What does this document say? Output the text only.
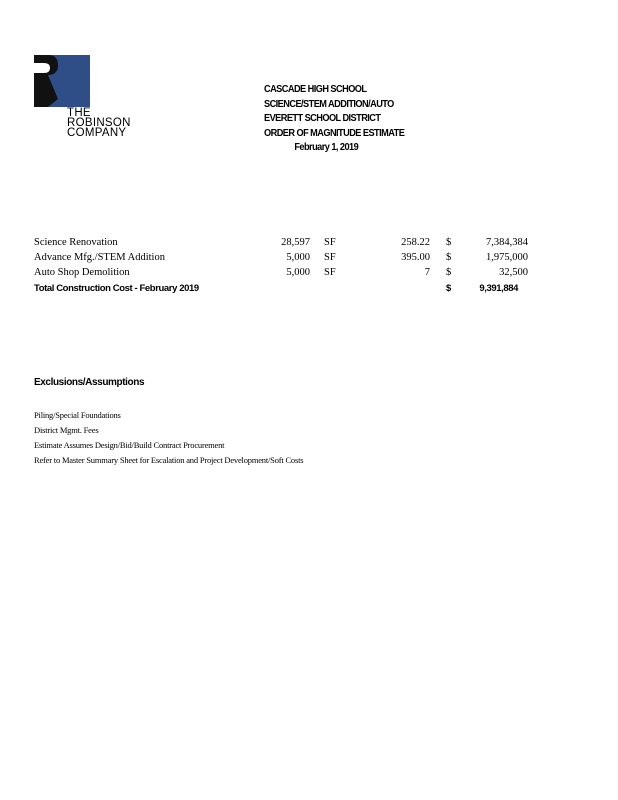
THE
ROBINSON
COMPANY
CASCADE HIGH SCHOOL
SCIENCE/STEM ADDITION/AUTO
EVERETT SCHOOL DISTRICT
ORDER OF MAGNITUDE ESTIMATE
February 1, 2019
Science Renovation	28,597 SF	258.22 $	7,384,384
Advance Mfg./STEM Addition	5,000 SF	395.00 $	1,975,000
Auto Shop Demolition	5,000 SF	7 $	32,500
Total Construction Cost - February 2019	$	9,391,884
Exclusions/Assumptions
Piling/Special Foundations
District Mgmt. Fees
Estimate Assumes Design/Bid/Build Contract Procurement
Refer to Master Summary Sheet for Escalation and Project Development/Soft Costs
